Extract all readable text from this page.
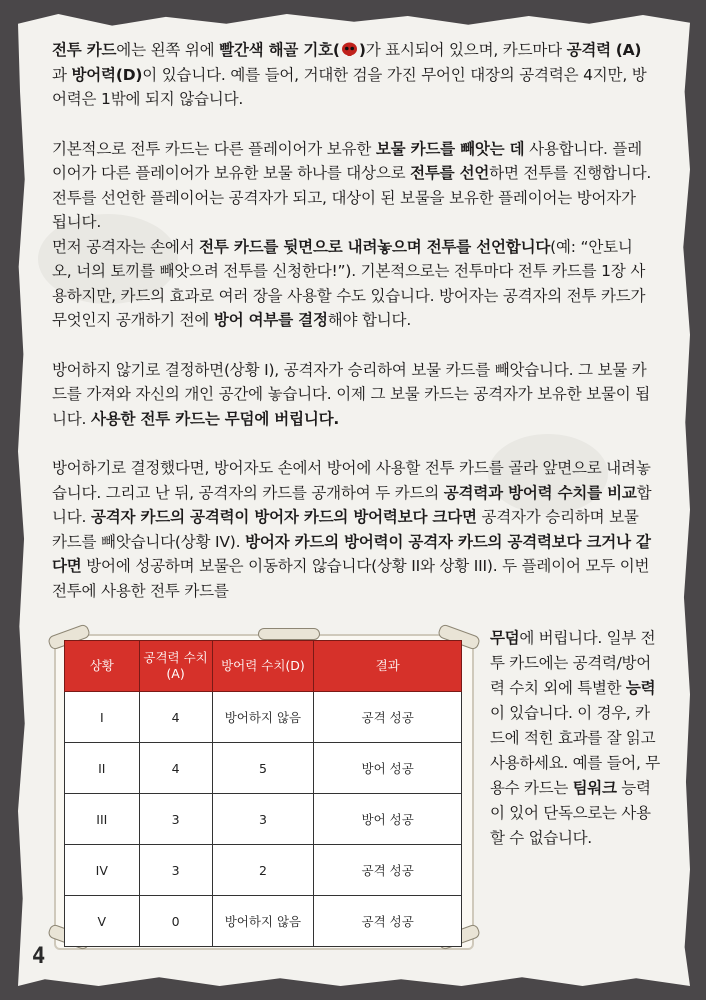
전투 카드에는 왼쪽 위에 빨간색 해골 기호( )가 표시되어 있으며, 카드마다 공격력 (A)과 방어력(D)이 있습니다. 예를 들어, 거대한 검을 가진 무어인 대장의 공격력은 4지만, 방어력은 1밖에 되지 않습니다.

기본적으로 전투 카드는 다른 플레이어가 보유한 보물 카드를 빼앗는 데 사용합니다. 플레이어가 다른 플레이어가 보유한 보물 하나를 대상으로 전투를 선언하면 전투를 진행합니다. 전투를 선언한 플레이어는 공격자가 되고, 대상이 된 보물을 보유한 플레이어는 방어자가 됩니다.
먼저 공격자는 손에서 전투 카드를 뒷면으로 내려놓으며 전투를 선언합니다(예: “안토니오, 너의 토끼를 빼앗으려 전투를 신청한다!”). 기본적으로는 전투마다 전투 카드를 1장 사용하지만, 카드의 효과로 여러 장을 사용할 수도 있습니다. 방어자는 공격자의 전투 카드가 무엇인지 공개하기 전에 방어 여부를 결정해야 합니다.

방어하지 않기로 결정하면(상황 I), 공격자가 승리하여 보물 카드를 빼앗습니다. 그 보물 카드를 가져와 자신의 개인 공간에 놓습니다. 이제 그 보물 카드는 공격자가 보유한 보물이 됩니다. 사용한 전투 카드는 무덤에 버립니다.

방어하기로 결정했다면, 방어자도 손에서 방어에 사용할 전투 카드를 골라 앞면으로 내려놓습니다. 그리고 난 뒤, 공격자의 카드를 공개하여 두 카드의 공격력과 방어력 수치를 비교합니다. 공격자 카드의 공격력이 방어자 카드의 방어력보다 크다면 공격자가 승리하며 보물 카드를 빼앗습니다(상황 IV). 방어자 카드의 방어력이 공격자 카드의 공격력보다 크거나 같다면 방어에 성공하며 보물은 이동하지 않습니다(상황 II와 상황 III). 두 플레이어 모두 이번 전투에 사용한 전투 카드를

상황	공격력 수치(A)	방어력 수치(D)	결과
I	4	방어하지 않음	공격 성공
II	4	5	방어 성공
III	3	3	방어 성공
IV	3	2	공격 성공
V	0	방어하지 않음	공격 성공
무덤에 버립니다. 일부 전투 카드에는 공격력/방어력 수치 외에 특별한 능력이 있습니다. 이 경우, 카드에 적힌 효과를 잘 읽고 사용하세요. 예를 들어, 무용수 카드는 팀워크 능력이 있어 단독으로는 사용할 수 없습니다.
4
